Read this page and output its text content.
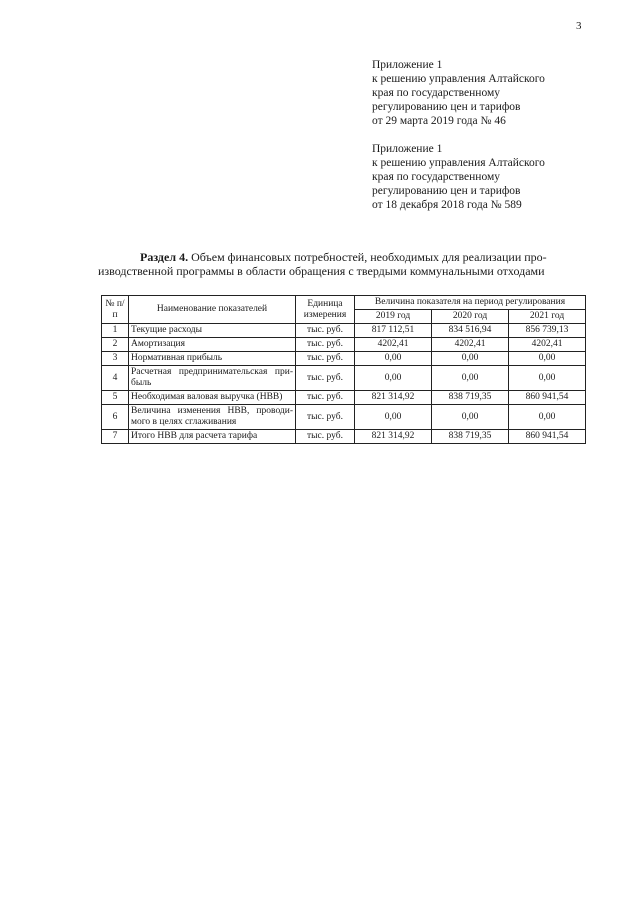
3
Приложение 1
к решению управления Алтайского
края по государственному
регулированию цен и тарифов
от 29 марта 2019 года № 46
Приложение 1
к решению управления Алтайского
края по государственному
регулированию цен и тарифов
от 18 декабря 2018 года № 589
Раздел 4. Объем финансовых потребностей, необходимых для реализации про-
изводственной программы в области обращения с твердыми коммунальными отходами
№ п/п	Наименование показателей	Единица измерения	Величина показателя на период регулирования		
			2019 год	2020 год	2021 год
1	Текущие расходы	тыс. руб.	817 112,51	834 516,94	856 739,13
2	Амортизация	тыс. руб.	4202,41	4202,41	4202,41
3	Нормативная прибыль	тыс. руб.	0,00	0,00	0,00
4	Расчетная предпринимательская при-быль	тыс. руб.	0,00	0,00	0,00
5	Необходимая валовая выручка (НВВ)	тыс. руб.	821 314,92	838 719,35	860 941,54
6	Величина изменения НВВ, проводи-мого в целях сглаживания	тыс. руб.	0,00	0,00	0,00
7	Итого НВВ для расчета тарифа	тыс. руб.	821 314,92	838 719,35	860 941,54
